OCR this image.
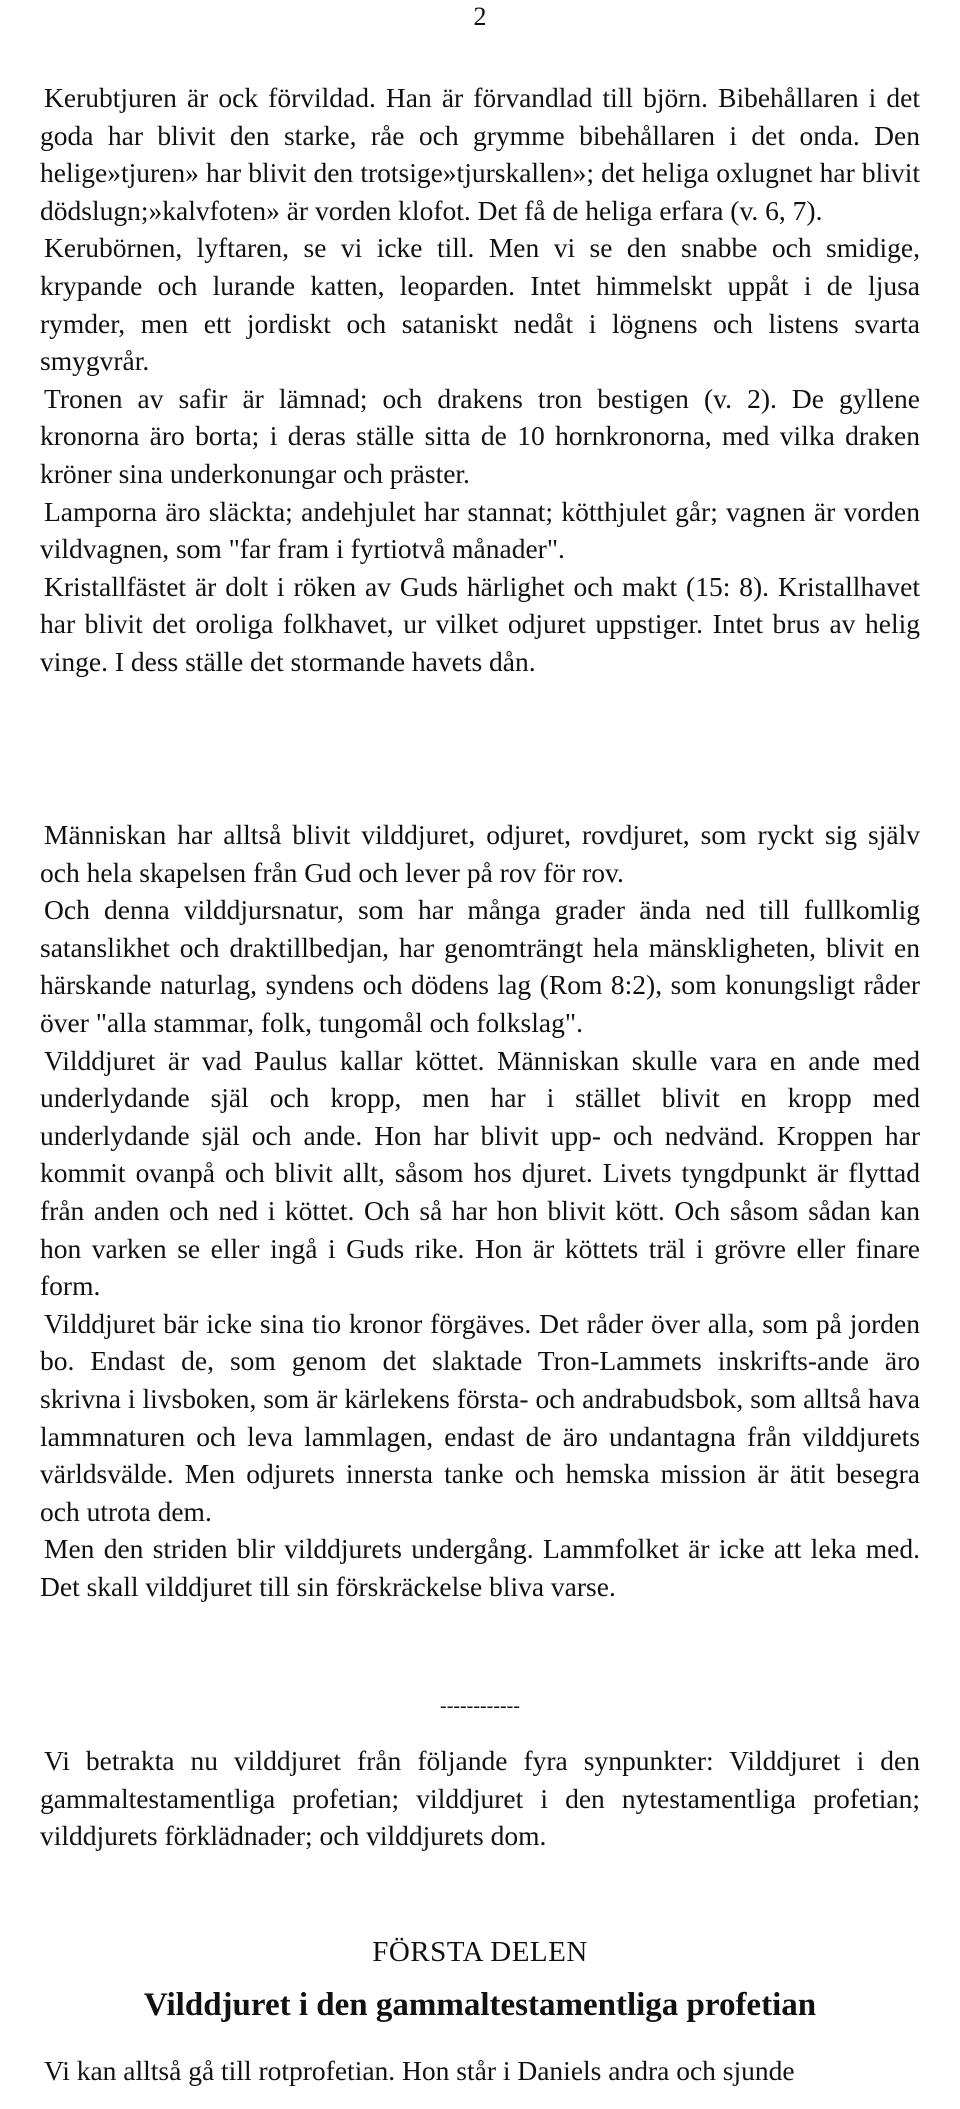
2

Kerubtjuren är ock förvildad. Han är förvandlad till björn. Bibehållaren i det goda har blivit den starke, råe och grymme bibehållaren i det onda. Den helige»tjuren» har blivit den trotsige»tjurskallen»; det heliga oxlugnet har blivit dödslugn;»kalvfoten» är vorden klofot. Det få de heliga erfara (v. 6, 7).

Kerubörnen, lyftaren, se vi icke till. Men vi se den snabbe och smidige, krypande och lurande katten, leoparden. Intet himmelskt uppåt i de ljusa rymder, men ett jordiskt och sataniskt nedåt i lögnens och listens svarta smygvrår.

Tronen av safir är lämnad; och drakens tron bestigen (v. 2). De gyllene kronorna äro borta; i deras ställe sitta de 10 hornkronorna, med vilka draken kröner sina underkonungar och präster.

Lamporna äro släckta; andehjulet har stannat; kötthjulet går; vagnen är vorden vildvagnen, som "far fram i fyrtiotvå månader".

Kristallfästet är dolt i röken av Guds härlighet och makt (15: 8). Kristallhavet har blivit det oroliga folkhavet, ur vilket odjuret uppstiger. Intet brus av helig vinge. I dess ställe det stormande havets dån.

Människan har alltså blivit vilddjuret, odjuret, rovdjuret, som ryckt sig själv och hela skapelsen från Gud och lever på rov för rov.

Och denna vilddjursnatur, som har många grader ända ned till fullkomlig satanslikhet och draktillbedjan, har genomträngt hela mänskligheten, blivit en härskande naturlag, syndens och dödens lag (Rom 8:2), som konungsligt råder över "alla stammar, folk, tungomål och folkslag".

Vilddjuret är vad Paulus kallar köttet. Människan skulle vara en ande med underlydande själ och kropp, men har i stället blivit en kropp med underlydande själ och ande. Hon har blivit upp- och nedvänd. Kroppen har kommit ovanpå och blivit allt, såsom hos djuret. Livets tyngdpunkt är flyttad från anden och ned i köttet. Och så har hon blivit kött. Och såsom sådan kan hon varken se eller ingå i Guds rike. Hon är köttets träl i grövre eller finare form.

Vilddjuret bär icke sina tio kronor förgäves. Det råder över alla, som på jorden bo. Endast de, som genom det slaktade Tron-Lammets inskrifts-ande äro skrivna i livsboken, som är kärlekens första- och andrabudsbok, som alltså hava lammnaturen och leva lammlagen, endast de äro undantagna från vilddjurets världsvälde. Men odjurets innersta tanke och hemska mission är ätit besegra och utrota dem.

Men den striden blir vilddjurets undergång. Lammfolket är icke att leka med. Det skall vilddjuret till sin förskräckelse bliva varse.

------------

Vi betrakta nu vilddjuret från följande fyra synpunkter: Vilddjuret i den gammaltestamentliga profetian; vilddjuret i den nytestamentliga profetian; vilddjurets förklädnader; och vilddjurets dom.

FÖRSTA DELEN
Vilddjuret i den gammaltestamentliga profetian

Vi kan alltså gå till rotprofetian. Hon står i Daniels andra och sjunde
